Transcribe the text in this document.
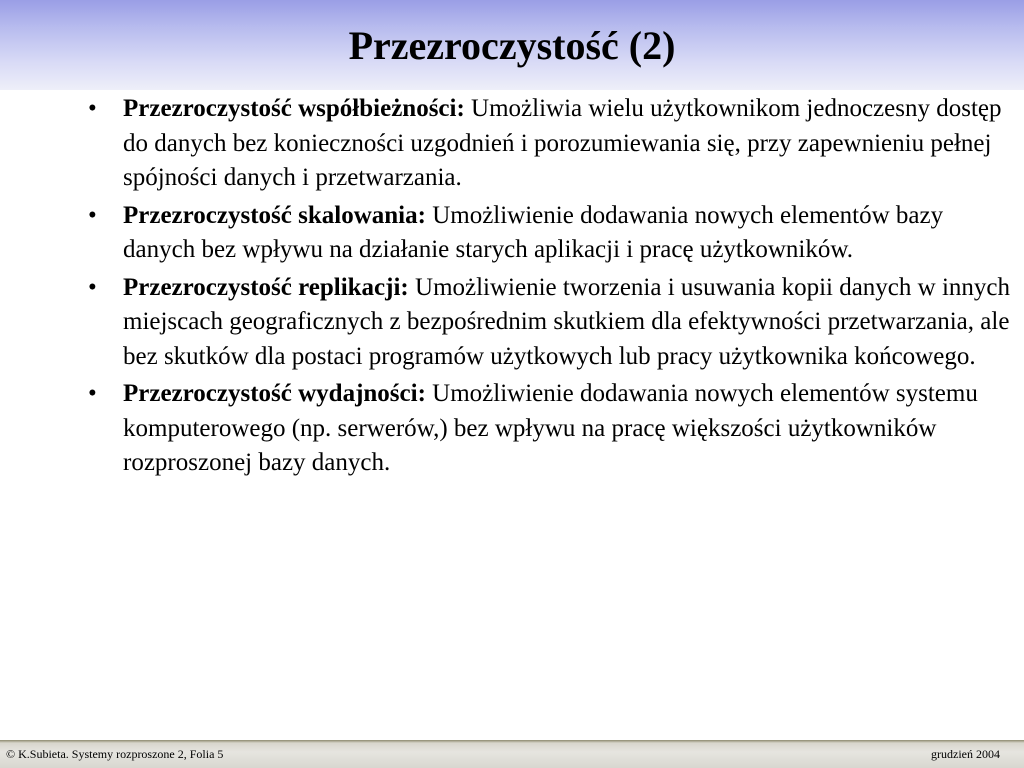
Przezroczystość (2)
•	Przezroczystość współbieżności: Umożliwia wielu użytkownikom jednoczesny dostęp do danych bez konieczności uzgodnień i porozumiewania się, przy zapewnieniu pełnej spójności danych i przetwarzania.
•	Przezroczystość skalowania: Umożliwienie dodawania nowych elementów bazy danych bez wpływu na działanie starych aplikacji i pracę użytkowników.
•	Przezroczystość replikacji: Umożliwienie tworzenia i usuwania kopii danych w innych miejscach geograficznych z bezpośrednim skutkiem dla efektywności przetwarzania, ale bez skutków dla postaci programów użytkowych lub pracy użytkownika końcowego.
•	Przezroczystość wydajności: Umożliwienie dodawania nowych elementów systemu komputerowego (np. serwerów,) bez wpływu na pracę większości użytkowników rozproszonej bazy danych.
© K.Subieta. Systemy rozproszone 2, Folia 5	grudzień 2004
